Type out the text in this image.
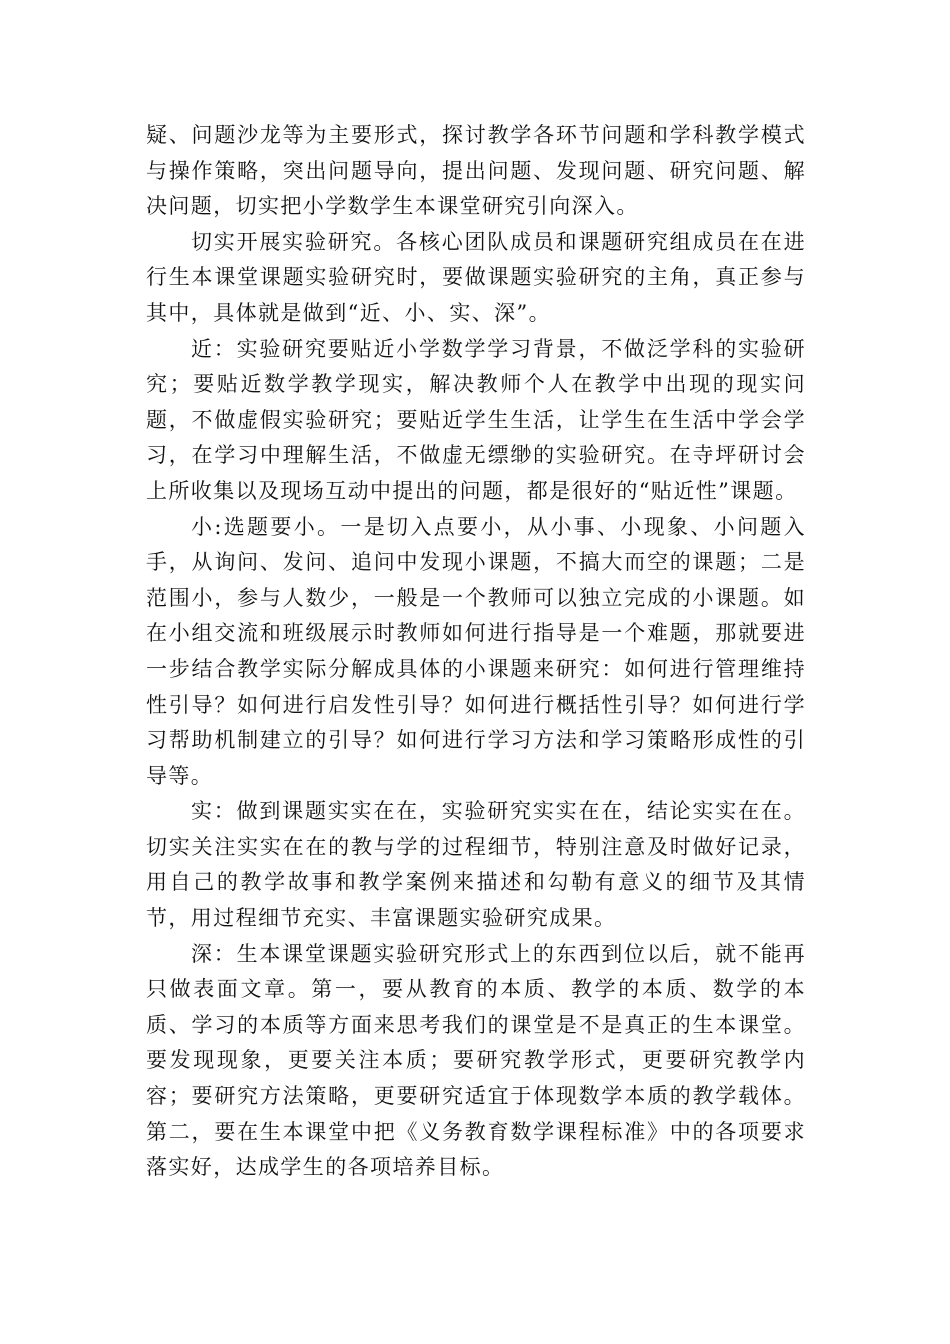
疑、问题沙龙等为主要形式，探讨教学各环节问题和学科教学模式与操作策略，突出问题导向，提出问题、发现问题、研究问题、解决问题，切实把小学数学生本课堂研究引向深入。

切实开展实验研究。各核心团队成员和课题研究组成员在在进行生本课堂课题实验研究时，要做课题实验研究的主角，真正参与其中，具体就是做到“近、小、实、深”。

近：实验研究要贴近小学数学学习背景，不做泛学科的实验研究；要贴近数学教学现实，解决教师个人在教学中出现的现实问题，不做虚假实验研究；要贴近学生生活，让学生在生活中学会学习，在学习中理解生活，不做虚无缥缈的实验研究。在寺坪研讨会上所收集以及现场互动中提出的问题，都是很好的“贴近性”课题。

小:选题要小。一是切入点要小，从小事、小现象、小问题入手，从询问、发问、追问中发现小课题，不搞大而空的课题；二是范围小，参与人数少，一般是一个教师可以独立完成的小课题。如在小组交流和班级展示时教师如何进行指导是一个难题，那就要进一步结合教学实际分解成具体的小课题来研究：如何进行管理维持性引导？如何进行启发性引导？如何进行概括性引导？如何进行学习帮助机制建立的引导？如何进行学习方法和学习策略形成性的引导等。

实：做到课题实实在在，实验研究实实在在，结论实实在在。切实关注实实在在的教与学的过程细节，特别注意及时做好记录，用自己的教学故事和教学案例来描述和勾勒有意义的细节及其情节，用过程细节充实、丰富课题实验研究成果。

深：生本课堂课题实验研究形式上的东西到位以后，就不能再只做表面文章。第一，要从教育的本质、教学的本质、数学的本质、学习的本质等方面来思考我们的课堂是不是真正的生本课堂。要发现现象，更要关注本质；要研究教学形式，更要研究教学内容；要研究方法策略，更要研究适宜于体现数学本质的教学载体。第二，要在生本课堂中把《义务教育数学课程标准》中的各项要求落实好，达成学生的各项培养目标。
